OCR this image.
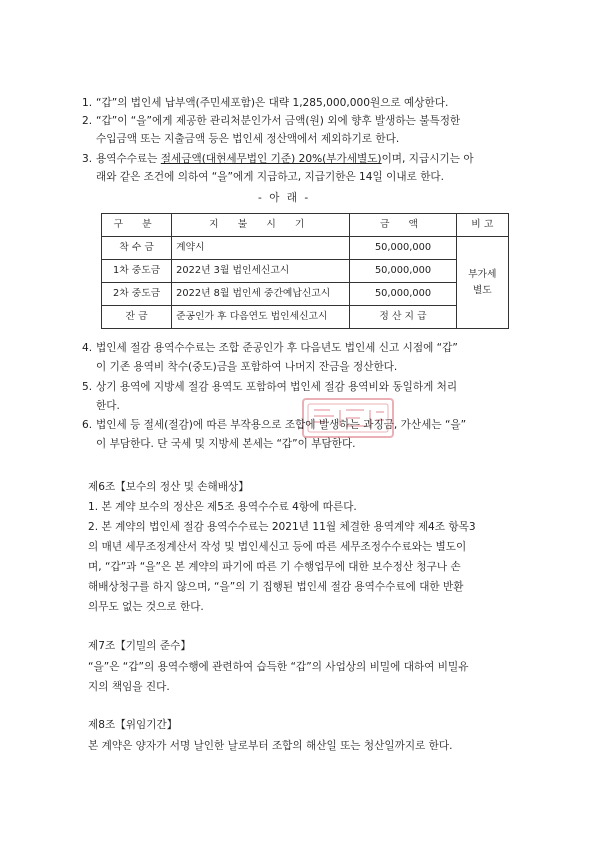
1. “갑”의 법인세 납부액(주민세포함)은 대략 1,285,000,000원으로 예상한다.
2. “갑”이 “을”에게 제공한 관리처분인가서 금액(원) 외에 향후 발생하는 불특정한
수입금액 또는 지출금액 등은 법인세 정산액에서 제외하기로 한다.
3. 용역수수료는 절세금액(대현세무법인 기준) 20%(부가세별도)이며, 지급시기는 아
래와 같은 조건에 의하여 “을”에게 지급하고, 지급기한은 14일 이내로 한다.
- 아 래 -
구 분	지 불 시 기	금 액	비 고
착 수 금	계약시	50,000,000	부가세
별도
1차 중도금	2022년 3월 법인세신고시	50,000,000	
2차 중도금	2022년 8월 법인세 중간예납신고시	50,000,000	
잔 금	준공인가 후 다음연도 법인세신고시	정 산 지 급	
4. 법인세 절감 용역수수료는 조합 준공인가 후 다음년도 법인세 신고 시점에 “갑”
이 기존 용역비 착수(중도)금을 포함하여 나머지 잔금을 정산한다.
5. 상기 용역에 지방세 절감 용역도 포함하여 법인세 절감 용역비와 동일하게 처리
한다.
6. 법인세 등 절세(절감)에 따른 부작용으로 조합에 발생하는 과징금, 가산세는 “을”
이 부담한다. 단 국세 및 지방세 본세는 “갑”이 부담한다.
제6조【보수의 정산 및 손해배상】
1. 본 계약 보수의 정산은 제5조 용역수수료 4항에 따른다.
2. 본 계약의 법인세 절감 용역수수료는 2021년 11월 체결한 용역계약 제4조 항목3
의 매년 세무조정계산서 작성 및 법인세신고 등에 따른 세무조정수수료와는 별도이
며, “갑”과 “을”은 본 계약의 파기에 따른 기 수행업무에 대한 보수정산 청구나 손
해배상청구를 하지 않으며, “을”의 기 집행된 법인세 절감 용역수수료에 대한 반환
의무도 없는 것으로 한다.
제7조【기밀의 준수】
“을”은 “갑”의 용역수행에 관련하여 습득한 “갑”의 사업상의 비밀에 대하여 비밀유
지의 책임을 진다.
제8조【위임기간】
본 계약은 양자가 서명 날인한 날로부터 조합의 해산일 또는 청산일까지로 한다.
